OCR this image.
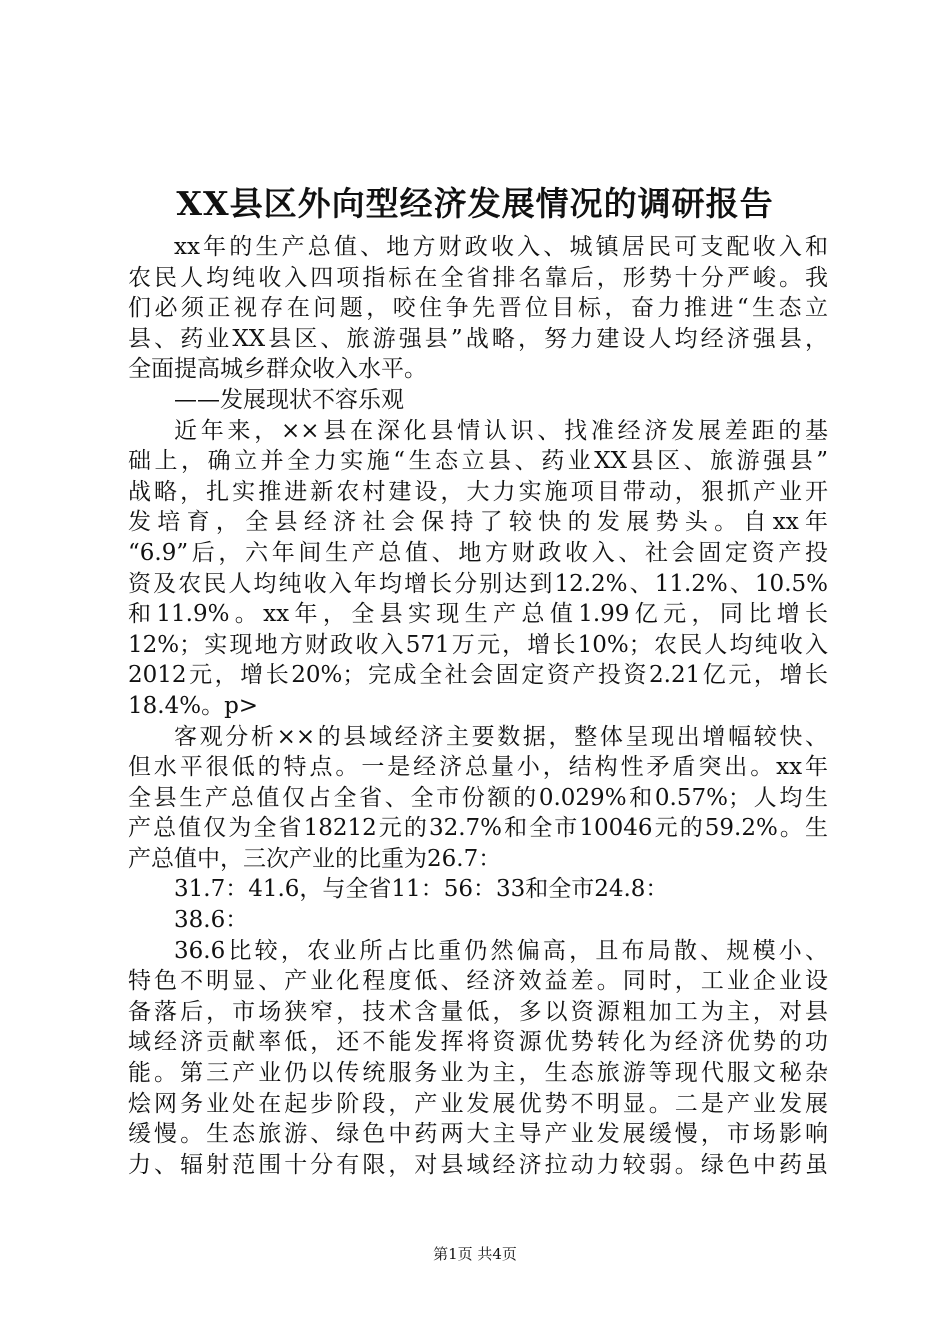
XX县区外向型经济发展情况的调研报告
xx年的生产总值、地方财政收入、城镇居民可支配收入和
农民人均纯收入四项指标在全省排名靠后，形势十分严峻。我
们必须正视存在问题，咬住争先晋位目标，奋力推进“生态立
县、药业XX县区、旅游强县”战略，努力建设人均经济强县，
全面提高城乡群众收入水平。
——发展现状不容乐观
近年来，××县在深化县情认识、找准经济发展差距的基
础上，确立并全力实施“生态立县、药业XX县区、旅游强县”
战略，扎实推进新农村建设，大力实施项目带动，狠抓产业开
发培育，全县经济社会保持了较快的发展势头。自xx年
“6.9”后，六年间生产总值、地方财政收入、社会固定资产投
资及农民人均纯收入年均增长分别达到12.2%、11.2%、10.5%
和11.9%。xx年，全县实现生产总值1.99亿元，同比增长
12%；实现地方财政收入571万元，增长10%；农民人均纯收入
2012元，增长20%；完成全社会固定资产投资2.21亿元，增长
18.4%。p>
客观分析××的县域经济主要数据，整体呈现出增幅较快、
但水平很低的特点。一是经济总量小，结构性矛盾突出。xx年
全县生产总值仅占全省、全市份额的0.029%和0.57%；人均生
产总值仅为全省18212元的32.7%和全市10046元的59.2%。生
产总值中，三次产业的比重为26.7：
31.7：41.6，与全省11：56：33和全市24.8：
38.6：
36.6比较，农业所占比重仍然偏高，且布局散、规模小、
特色不明显、产业化程度低、经济效益差。同时，工业企业设
备落后，市场狭窄，技术含量低，多以资源粗加工为主，对县
域经济贡献率低，还不能发挥将资源优势转化为经济优势的功
能。第三产业仍以传统服务业为主，生态旅游等现代服文秘杂
烩网务业处在起步阶段，产业发展优势不明显。二是产业发展
缓慢。生态旅游、绿色中药两大主导产业发展缓慢，市场影响
力、辐射范围十分有限，对县域经济拉动力较弱。绿色中药虽
第1页 共4页
